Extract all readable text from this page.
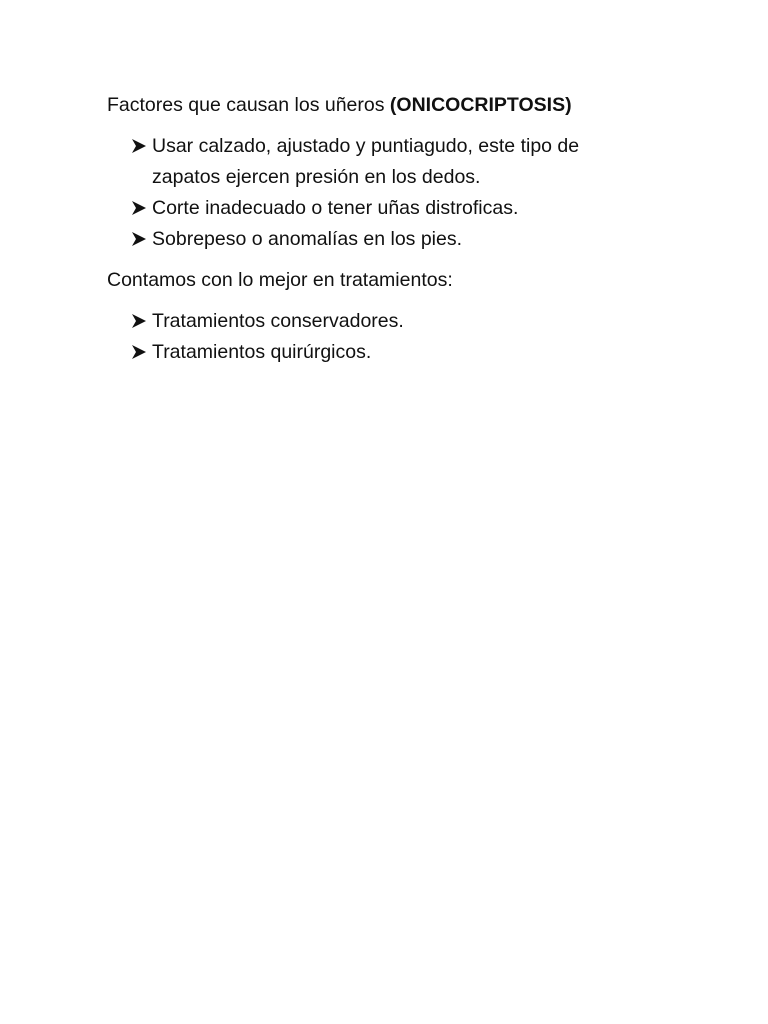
Factores que causan los uñeros (ONICOCRIPTOSIS)
Usar calzado, ajustado y puntiagudo, este tipo de
zapatos ejercen presión en los dedos.
Corte inadecuado o tener uñas distroficas.
Sobrepeso o anomalías en los pies.
Contamos con lo mejor en tratamientos:
Tratamientos conservadores.
Tratamientos quirúrgicos.
